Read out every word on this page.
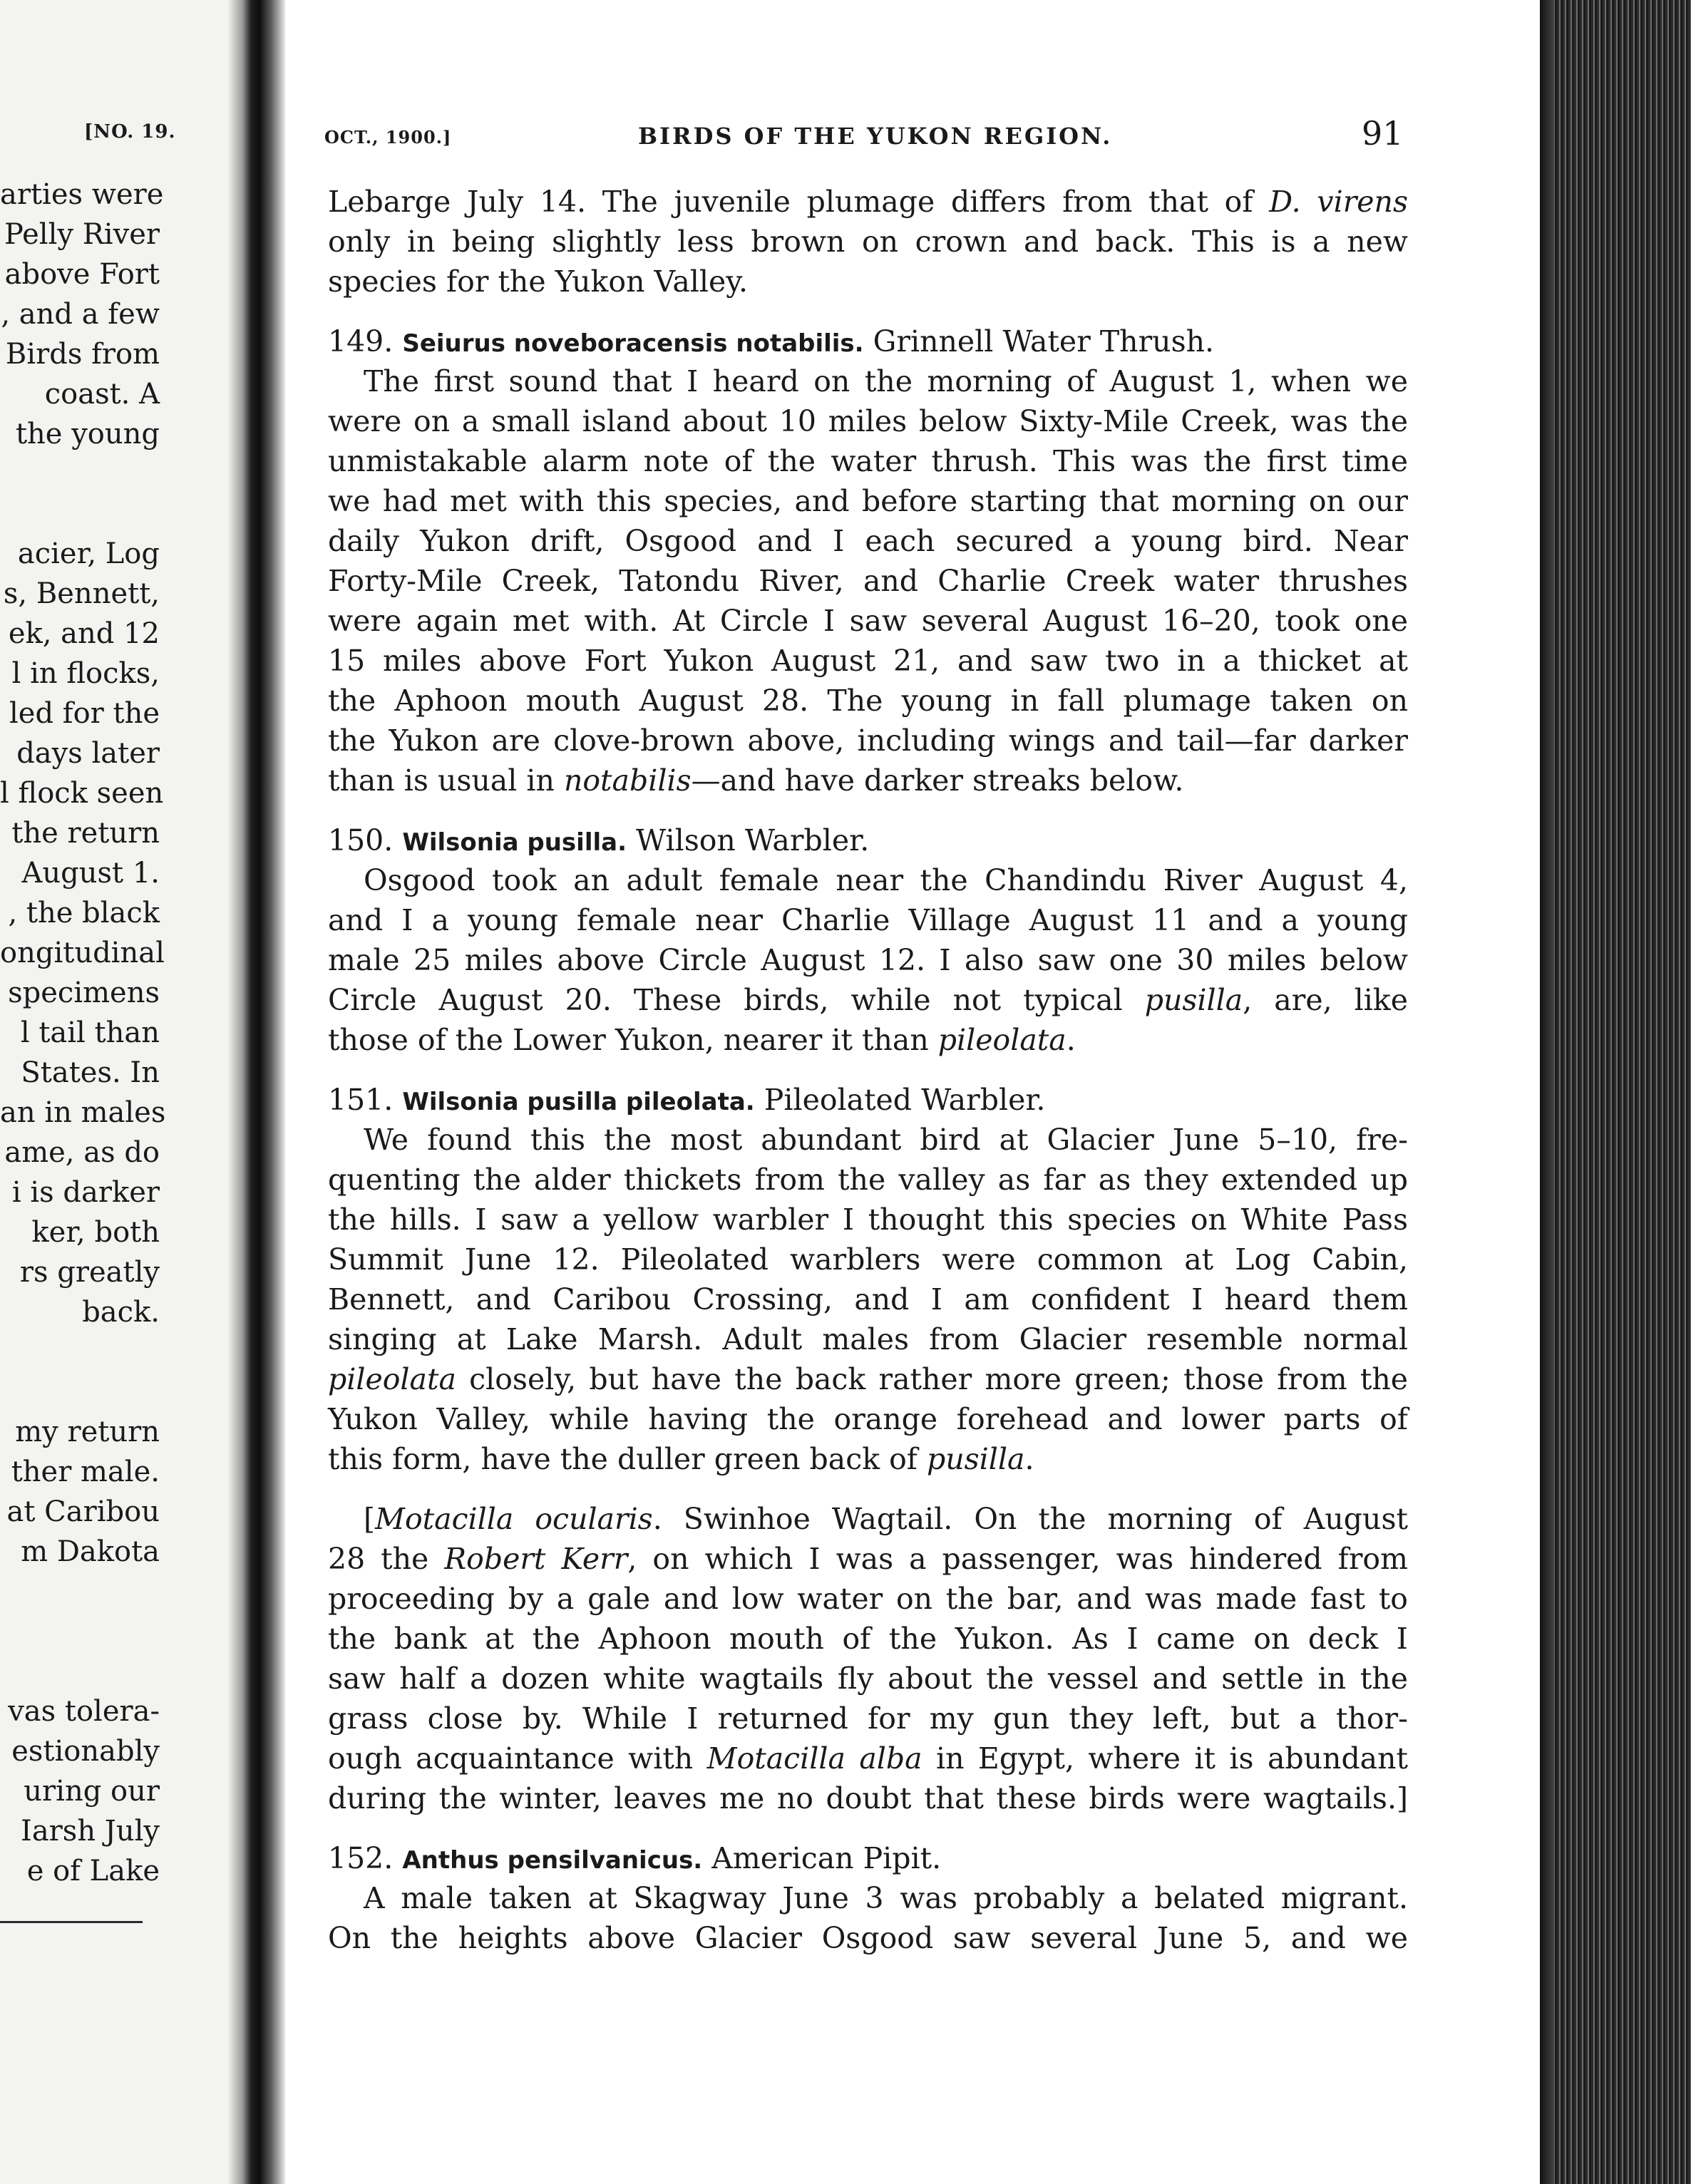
[NO. 19.
arties were
Pelly River
above Fort
, and a few
Birds from
coast. A
the young
acier, Log
s, Bennett,
ek, and 12
l in flocks,
led for the
days later
l flock seen
the return
August 1.
, the black
ongitudinal
specimens
l tail than
States. In
an in males
ame, as do
i is darker
ker, both
rs greatly
back.
my return
ther male.
at Caribou
m Dakota
vas tolera-
estionably
uring our
Iarsh July
e of Lake
OCT., 1900.]	BIRDS OF THE YUKON REGION.	91
Lebarge July 14. The juvenile plumage differs from that of D. virens
only in being slightly less brown on crown and back. This is a new
species for the Yukon Valley.
149. Seiurus noveboracensis notabilis. Grinnell Water Thrush.
The first sound that I heard on the morning of August 1, when we
were on a small island about 10 miles below Sixty-Mile Creek, was the
unmistakable alarm note of the water thrush. This was the first time
we had met with this species, and before starting that morning on our
daily Yukon drift, Osgood and I each secured a young bird. Near
Forty-Mile Creek, Tatondu River, and Charlie Creek water thrushes
were again met with. At Circle I saw several August 16–20, took one
15 miles above Fort Yukon August 21, and saw two in a thicket at
the Aphoon mouth August 28. The young in fall plumage taken on
the Yukon are clove-brown above, including wings and tail—far darker
than is usual in notabilis—and have darker streaks below.
150. Wilsonia pusilla. Wilson Warbler.
Osgood took an adult female near the Chandindu River August 4,
and I a young female near Charlie Village August 11 and a young
male 25 miles above Circle August 12. I also saw one 30 miles below
Circle August 20. These birds, while not typical pusilla, are, like
those of the Lower Yukon, nearer it than pileolata.
151. Wilsonia pusilla pileolata. Pileolated Warbler.
We found this the most abundant bird at Glacier June 5–10, fre-
quenting the alder thickets from the valley as far as they extended up
the hills. I saw a yellow warbler I thought this species on White Pass
Summit June 12. Pileolated warblers were common at Log Cabin,
Bennett, and Caribou Crossing, and I am confident I heard them
singing at Lake Marsh. Adult males from Glacier resemble normal
pileolata closely, but have the back rather more green; those from the
Yukon Valley, while having the orange forehead and lower parts of
this form, have the duller green back of pusilla.
[Motacilla ocularis. Swinhoe Wagtail. On the morning of August
28 the Robert Kerr, on which I was a passenger, was hindered from
proceeding by a gale and low water on the bar, and was made fast to
the bank at the Aphoon mouth of the Yukon. As I came on deck I
saw half a dozen white wagtails fly about the vessel and settle in the
grass close by. While I returned for my gun they left, but a thor-
ough acquaintance with Motacilla alba in Egypt, where it is abundant
during the winter, leaves me no doubt that these birds were wagtails.]
152. Anthus pensilvanicus. American Pipit.
A male taken at Skagway June 3 was probably a belated migrant.
On the heights above Glacier Osgood saw several June 5, and we
